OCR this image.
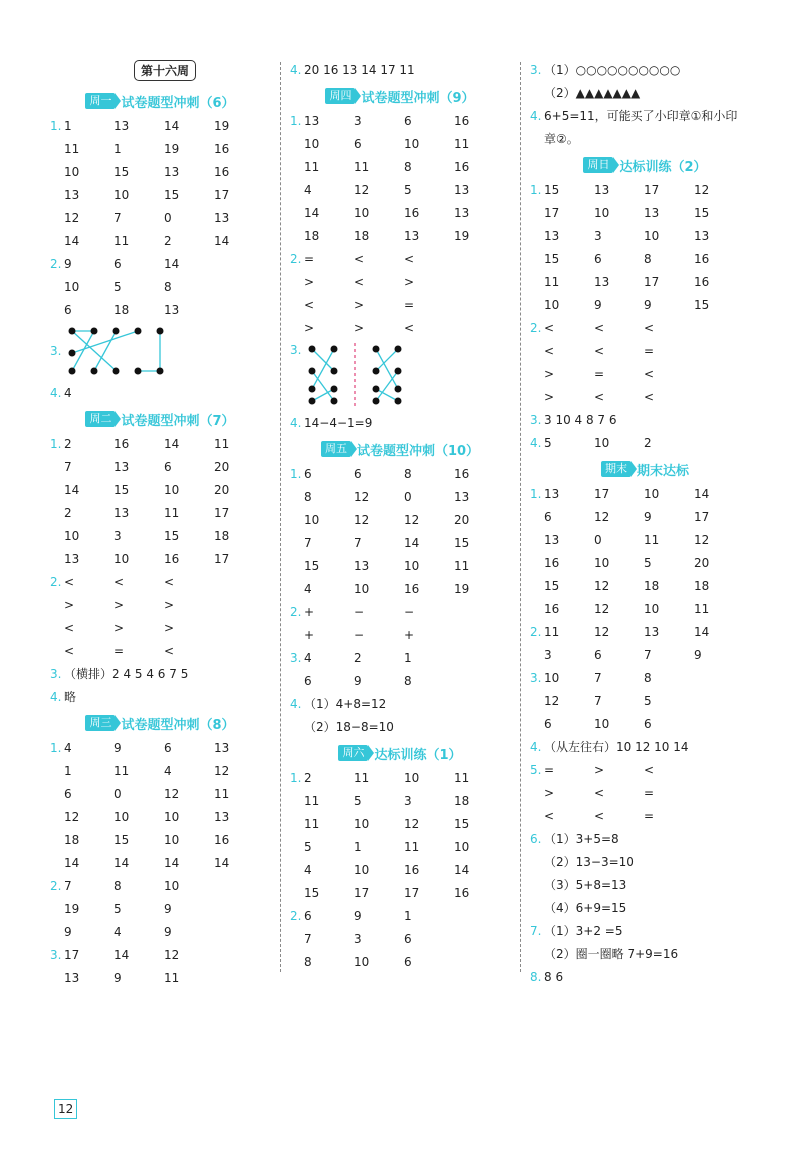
第十六周
周一 试卷题型冲刺（6）
1. 1	13	14	19
11	1	19	16
10	15	13	16
13	10	15	17
12	7	0	13
14	11	2	14
2. 9	6	14
10	5	8
6	18	13
3.
4. 4
周二 试卷题型冲刺（7）
1. 2	16	14	11
7	13	6	20
14	15	10	20
2	13	11	17
10	3	15	18
13	10	16	17
2. <	<	<
>	>	>
<	>	>
<	=	<
3. （横排）2 4 5 4 6 7 5
4. 略
周三 试卷题型冲刺（8）
1. 4	9	6	13
1	11	4	12
6	0	12	11
12	10	10	13
18	15	10	16
14	14	14	14
2. 7	8	10
19	5	9
9	4	9
3. 17	14	12
13	9	11
4. 20 16 13 14 17 11
周四 试卷题型冲刺（9）
1. 13	3	6	16
10	6	10	11
11	11	8	16
4	12	5	13
14	10	16	13
18	18	13	19
2. =	<	<
>	<	>
<	>	=
>	>	<
3.
4. 14−4−1=9
周五 试卷题型冲刺（10）
1. 6	6	8	16
8	12	0	13
10	12	12	20
7	7	14	15
15	13	10	11
4	10	16	19
2. +	−	−
+	−	+
3. 4	2	1
6	9	8
4. （1）4+8=12
（2）18−8=10
周六 达标训练（1）
1. 2	11	10	11
11	5	3	18
11	10	12	15
5	1	11	10
4	10	16	14
15	17	17	16
2. 6	9	1
7	3	6
8	10	6
3. （1）○○○○○○○○○○
（2）▲▲▲▲▲▲▲
4. 6+5=11，可能买了小印章①和小印
章②。
周日 达标训练（2）
1. 15	13	17	12
17	10	13	15
13	3	10	13
15	6	8	16
11	13	17	16
10	9	9	15
2. <	<	<
<	<	=
>	=	<
>	<	<
3. 3 10 4 8 7 6
4. 5	10	2
期末 期末达标
1. 13	17	10	14
6	12	9	17
13	0	11	12
16	10	5	20
15	12	18	18
16	12	10	11
2. 11	12	13	14
3	6	7	9
3. 10	7	8
12	7	5
6	10	6
4. （从左往右）10 12 10 14
5. =	>	<
>	<	=
<	<	=
6. （1）3+5=8
（2）13−3=10
（3）5+8=13
（4）6+9=15
7. （1）3+2 =5
（2）圈一圈略 7+9=16
8. 8 6
12
